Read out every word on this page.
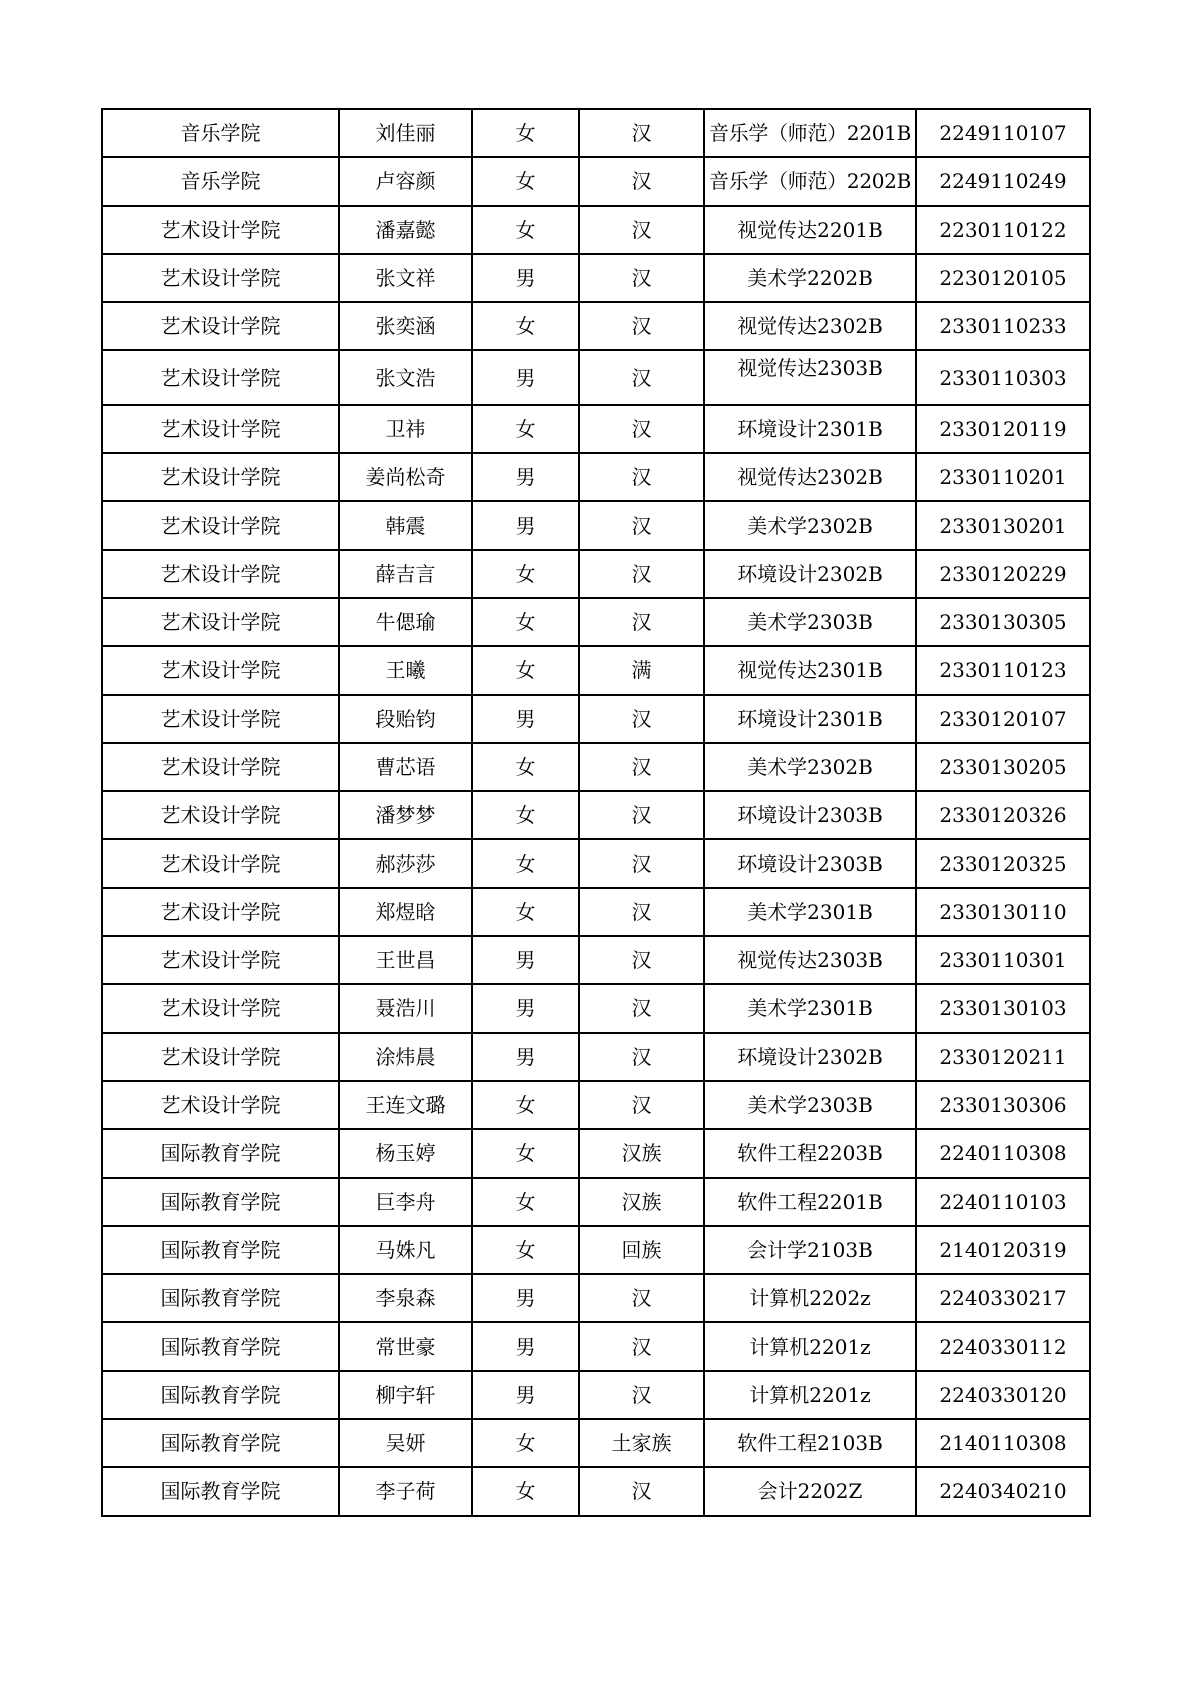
音乐学院	刘佳丽	女	汉	音乐学（师范）2201B	2249110107
音乐学院	卢容颜	女	汉	音乐学（师范）2202B	2249110249
艺术设计学院	潘嘉懿	女	汉	视觉传达2201B	2230110122
艺术设计学院	张文祥	男	汉	美术学2202B	2230120105
艺术设计学院	张奕涵	女	汉	视觉传达2302B	2330110233
艺术设计学院	张文浩	男	汉	视觉传达2303B	2330110303
艺术设计学院	卫祎	女	汉	环境设计2301B	2330120119
艺术设计学院	姜尚松奇	男	汉	视觉传达2302B	2330110201
艺术设计学院	韩震	男	汉	美术学2302B	2330130201
艺术设计学院	薛吉言	女	汉	环境设计2302B	2330120229
艺术设计学院	牛偲瑜	女	汉	美术学2303B	2330130305
艺术设计学院	王曦	女	满	视觉传达2301B	2330110123
艺术设计学院	段贻钧	男	汉	环境设计2301B	2330120107
艺术设计学院	曹芯语	女	汉	美术学2302B	2330130205
艺术设计学院	潘梦梦	女	汉	环境设计2303B	2330120326
艺术设计学院	郝莎莎	女	汉	环境设计2303B	2330120325
艺术设计学院	郑煜晗	女	汉	美术学2301B	2330130110
艺术设计学院	王世昌	男	汉	视觉传达2303B	2330110301
艺术设计学院	聂浩川	男	汉	美术学2301B	2330130103
艺术设计学院	涂炜晨	男	汉	环境设计2302B	2330120211
艺术设计学院	王连文璐	女	汉	美术学2303B	2330130306
国际教育学院	杨玉婷	女	汉族	软件工程2203B	2240110308
国际教育学院	巨李舟	女	汉族	软件工程2201B	2240110103
国际教育学院	马姝凡	女	回族	会计学2103B	2140120319
国际教育学院	李泉森	男	汉	计算机2202z	2240330217
国际教育学院	常世豪	男	汉	计算机2201z	2240330112
国际教育学院	柳宇轩	男	汉	计算机2201z	2240330120
国际教育学院	吴妍	女	土家族	软件工程2103B	2140110308
国际教育学院	李子荷	女	汉	会计2202Z	2240340210
